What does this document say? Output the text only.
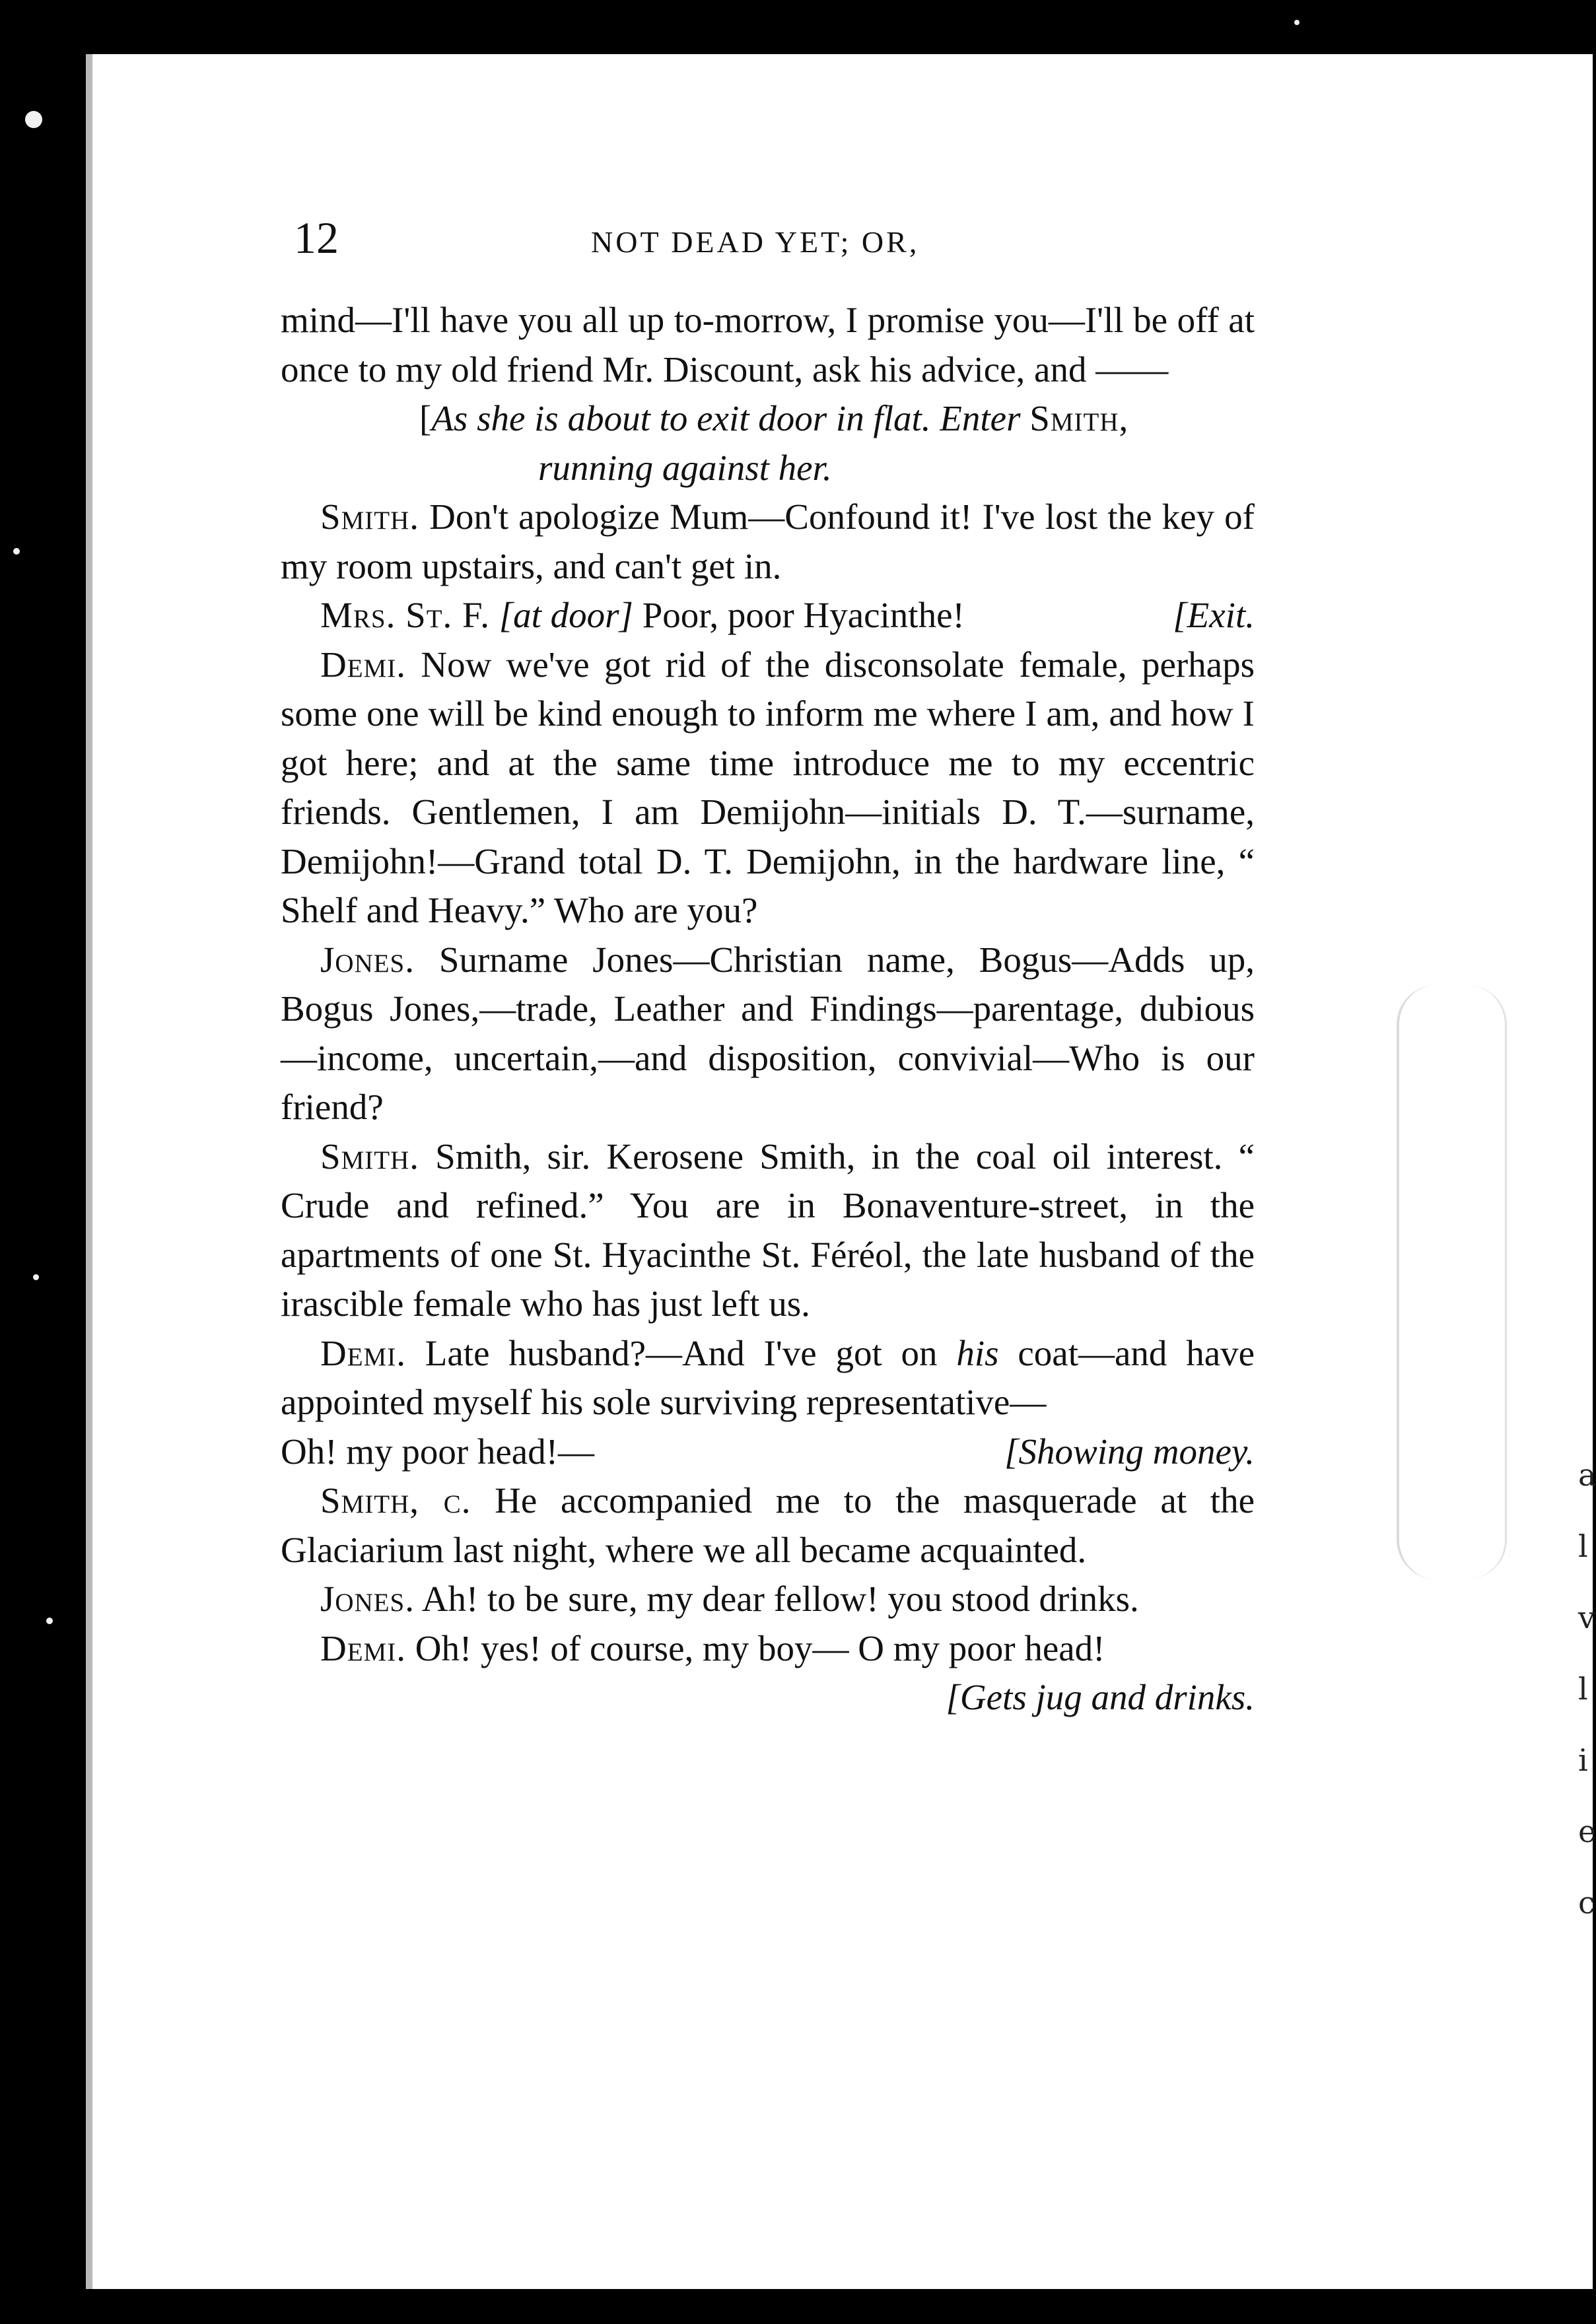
a
l
v
l
i
e
c
12	NOT DEAD YET; OR,

mind—I'll have you all up to-morrow, I promise you—I'll be off at once to my old friend Mr. Discount, ask his advice, and ——

[As she is about to exit door in flat. Enter Smith,
running against her.

Smith. Don't apologize Mum—Confound it! I've lost the key of my room upstairs, and can't get in.

Mrs. St. F. [at door] Poor, poor Hyacinthe!	[Exit.

Demi. Now we've got rid of the disconsolate female, perhaps some one will be kind enough to inform me where I am, and how I got here; and at the same time introduce me to my eccentric friends. Gentlemen, I am Demijohn—initials D. T.—surname, Demijohn!—Grand total D. T. Demijohn, in the hardware line, “ Shelf and Heavy.” Who are you?

Jones. Surname Jones—Christian name, Bogus—Adds up, Bogus Jones,—trade, Leather and Findings—parentage, dubious—income, uncertain,—and disposition, convivial—Who is our friend?

Smith. Smith, sir. Kerosene Smith, in the coal oil interest. “ Crude and refined.” You are in Bonaventure-street, in the apartments of one St. Hyacinthe St. Féréol, the late husband of the irascible female who has just left us.

Demi. Late husband?—And I've got on his coat—and have appointed myself his sole surviving representative—

Oh! my poor head!—	[Showing money.

Smith, c. He accompanied me to the masquerade at the Glaciarium last night, where we all became acquainted.

Jones. Ah! to be sure, my dear fellow! you stood drinks.

Demi. Oh! yes! of course, my boy— O my poor head!

[Gets jug and drinks.
